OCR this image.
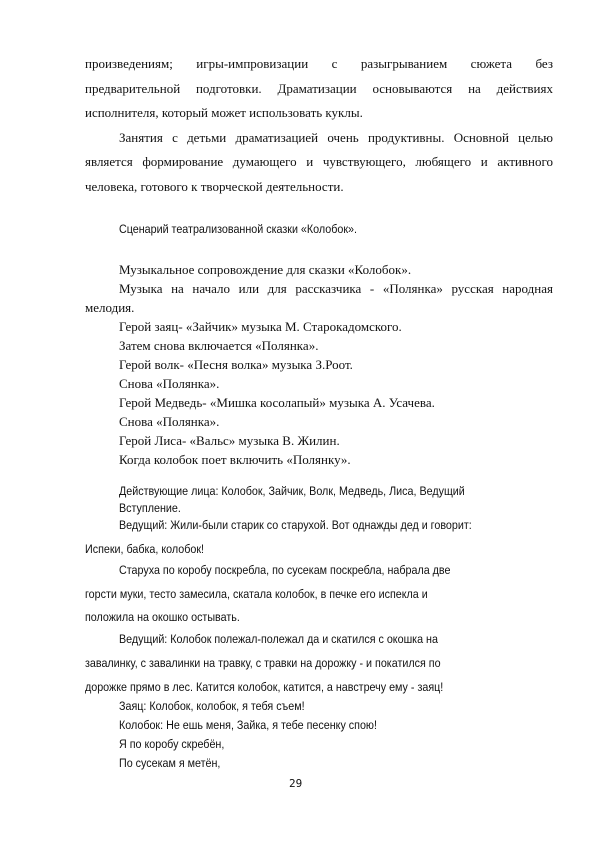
произведениям; игры-импровизации с разыгрыванием сюжета без

предварительной подготовки. Драматизации основываются на действиях

исполнителя, который может использовать куклы.

Занятия с детьми драматизацией очень продуктивны. Основной целью

является формирование думающего и чувствующего, любящего и активного

человека, готового к творческой деятельности.

Сценарий театрализованной сказки «Колобок».

Музыкальное сопровождение для сказки «Колобок».

Музыка на начало или для рассказчика - «Полянка» русская народная

мелодия.

Герой заяц- «Зайчик» музыка М. Старокадомского.

Затем снова включается «Полянка».

Герой волк- «Песня волка» музыка З.Роот.

Снова «Полянка».

Герой Медведь- «Мишка косолапый» музыка А. Усачева.

Снова «Полянка».

Герой Лиса- «Вальс» музыка В. Жилин.

Когда колобок поет включить «Полянку».

Действующие лица: Колобок, Зайчик, Волк, Медведь, Лиса, Ведущий

Вступление.

Ведущий: Жили-были старик со старухой. Вот однажды дед и говорит:

Испеки, бабка, колобок!

Старуха по коробу поскребла, по сусекам поскребла, набрала две

горсти муки, тесто замесила, скатала колобок, в печке его испекла и

положила на окошко остывать.

Ведущий: Колобок полежал-полежал да и скатился с окошка на

завалинку, с завалинки на травку, с травки на дорожку - и покатился по

дорожке прямо в лес. Катится колобок, катится, а навстречу ему - заяц!

Заяц: Колобок, колобок, я тебя съем!

Колобок: Не ешь меня, Зайка, я тебе песенку спою!

Я по коробу скребён,

По сусекам я метён,

29
